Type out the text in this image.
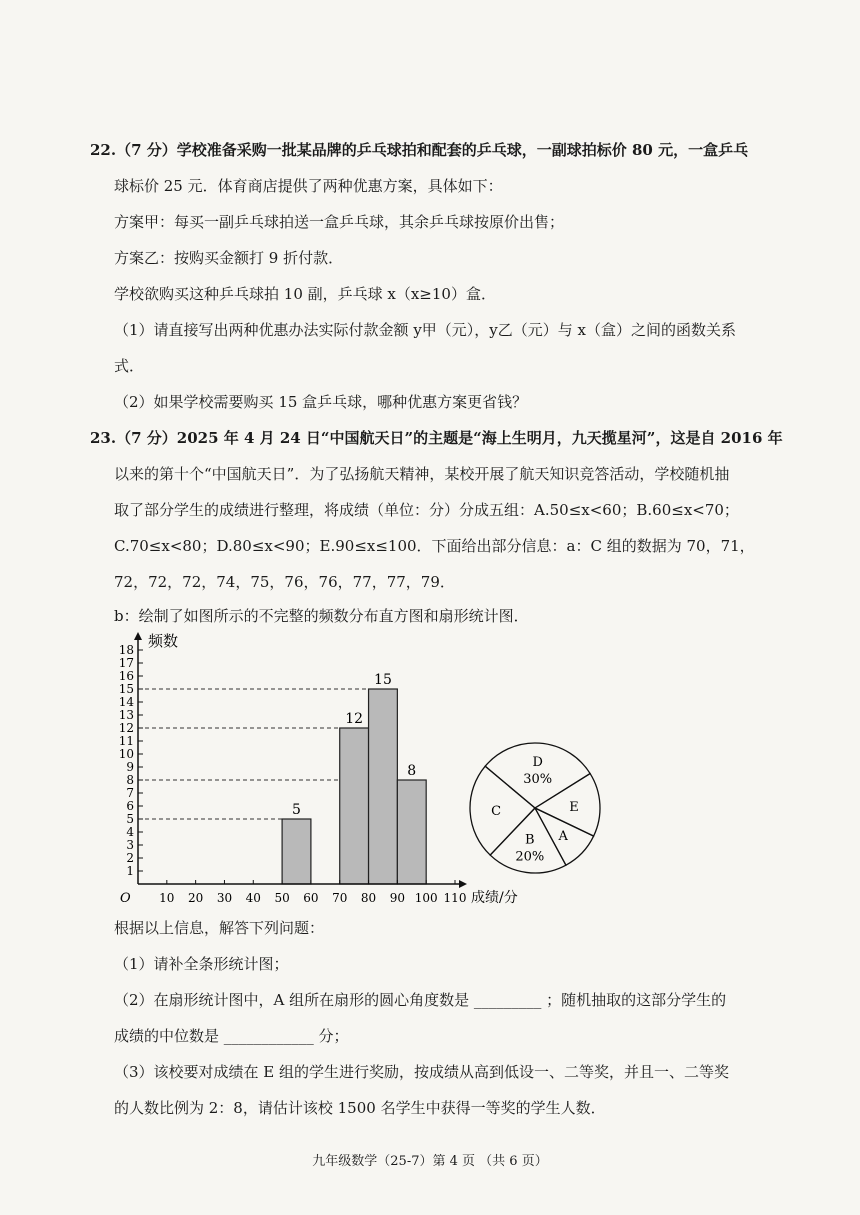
22.（7 分）学校准备采购一批某品牌的乒乓球拍和配套的乒乓球，一副球拍标价 80 元，一盒乒乓
球标价 25 元．体育商店提供了两种优惠方案，具体如下：
方案甲：每买一副乒乓球拍送一盒乒乓球，其余乒乓球按原价出售；
方案乙：按购买金额打 9 折付款．
学校欲购买这种乒乓球拍 10 副，乒乓球 x（x≥10）盒．
（1）请直接写出两种优惠办法实际付款金额 y甲（元），y乙（元）与 x（盒）之间的函数关系
式．
（2）如果学校需要购买 15 盒乒乓球，哪种优惠方案更省钱？
23.（7 分）2025 年 4 月 24 日“中国航天日”的主题是“海上生明月，九天揽星河”，这是自 2016 年
以来的第十个“中国航天日”．为了弘扬航天精神，某校开展了航天知识竞答活动，学校随机抽
取了部分学生的成绩进行整理，将成绩（单位：分）分成五组：A.50≤x<60；B.60≤x<70；
C.70≤x<80；D.80≤x<90；E.90≤x≤100．下面给出部分信息：a：C 组的数据为 70，71，
72，72，72，74，75，76，76，77，77，79．
b：绘制了如图所示的不完整的频数分布直方图和扇形统计图．
5
12
15
8
1
2
3
4
5
6
7
8
9
10
11
12
13
14
15
16
17
18
10 20 30 40 50 60 70 80 90 100 110
O
频数
成绩/分
D
30%
E
A
B
20%
C
根据以上信息，解答下列问题：
（1）请补全条形统计图；
（2）在扇形统计图中，A 组所在扇形的圆心角度数是 _________ ；随机抽取的这部分学生的
成绩的中位数是 ____________ 分；
（3）该校要对成绩在 E 组的学生进行奖励，按成绩从高到低设一、二等奖，并且一、二等奖
的人数比例为 2：8，请估计该校 1500 名学生中获得一等奖的学生人数．
九年级数学（25-7）第 4 页 （共 6 页）
